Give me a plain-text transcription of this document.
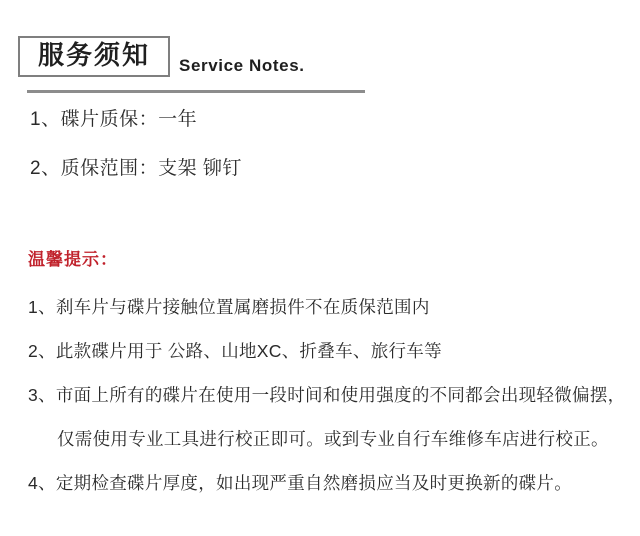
服务须知	Service Notes.

1、碟片质保：一年

2、质保范围：支架 铆钉

温馨提示：

1、刹车片与碟片接触位置属磨损件不在质保范围内

2、此款碟片用于 公路、山地XC、折叠车、旅行车等

3、市面上所有的碟片在使用一段时间和使用强度的不同都会出现轻微偏摆，

仅需使用专业工具进行校正即可。或到专业自行车维修车店进行校正。

4、定期检查碟片厚度，如出现严重自然磨损应当及时更换新的碟片。
